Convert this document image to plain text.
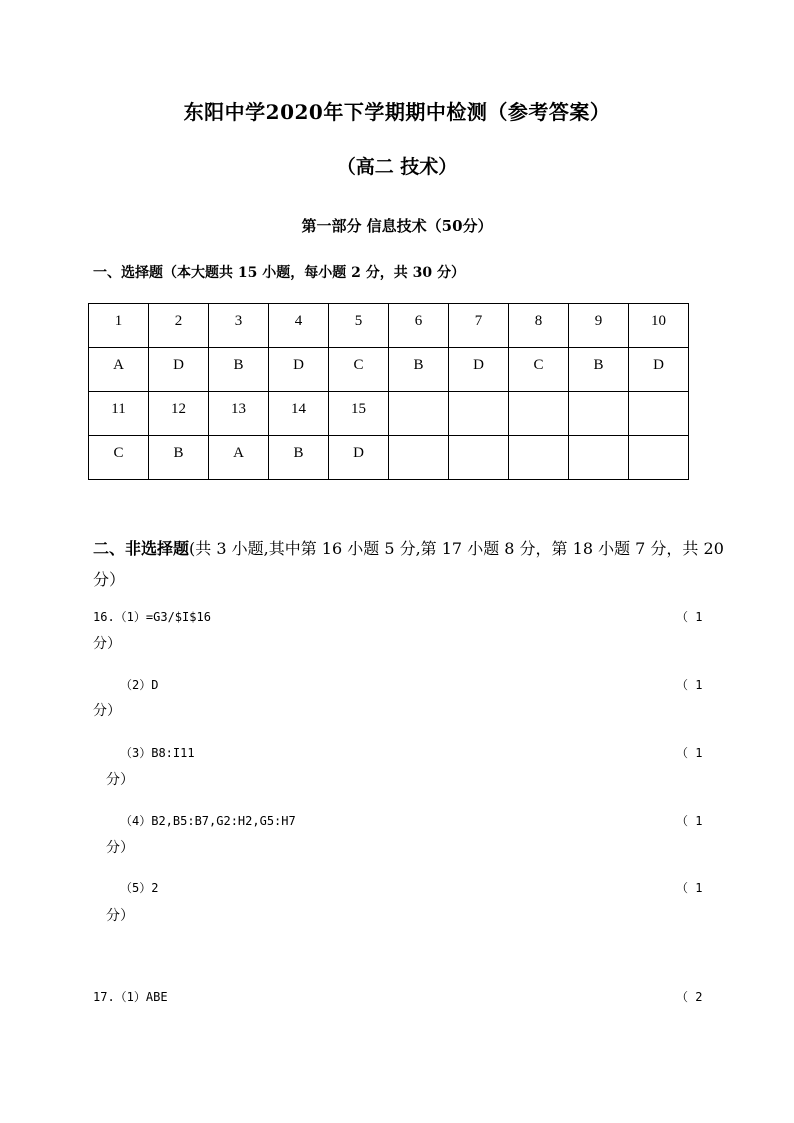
东阳中学2020年下学期期中检测（参考答案）
（高二 技术）
第一部分 信息技术（50分）
一、选择题（本大题共 15 小题，每小题 2 分，共 30 分）
1	2	3	4	5	6	7	8	9	10
A	D	B	D	C	B	D	C	B	D
11	12	13	14	15					
C	B	A	B	D					
二、非选择题(共 3 小题,其中第 16 小题 5 分,第 17 小题 8 分，第 18 小题 7 分，共 20
分）
16.（1）=G3/$I$16	（ 1
分）
（2）D	（ 1
分）
（3）B8:I11	（ 1
分）
（4）B2,B5:B7,G2:H2,G5:H7	（ 1
分）
（5）2	（ 1
分）
17.（1）ABE	（ 2
